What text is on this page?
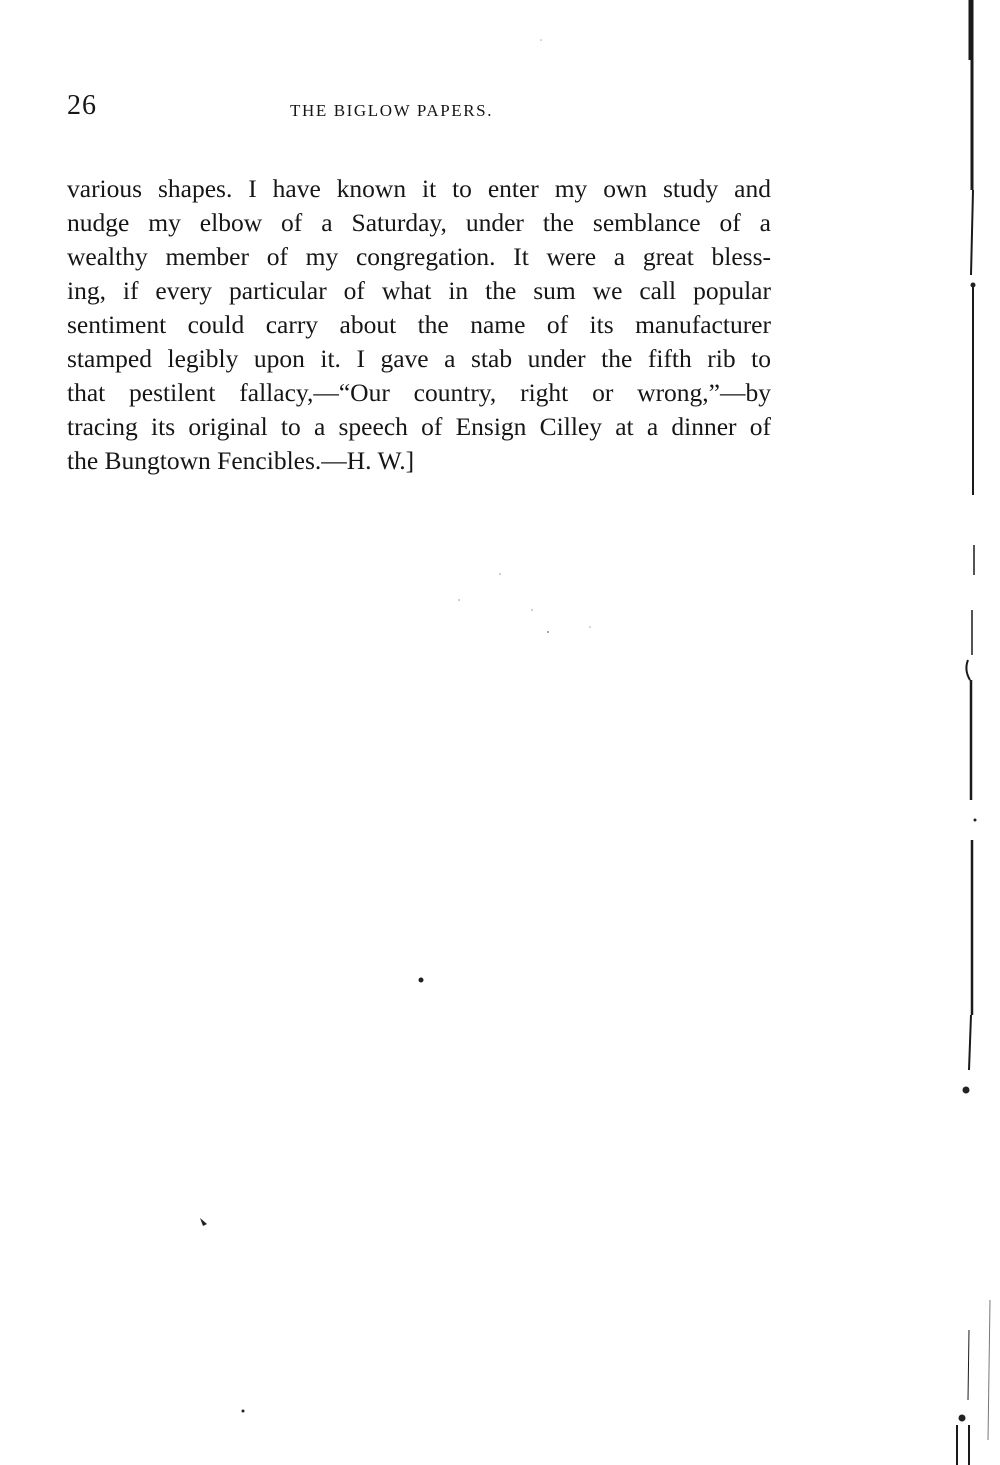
26	THE BIGLOW PAPERS.
various shapes. I have known it to enter my own study and
nudge my elbow of a Saturday, under the semblance of a
wealthy member of my congregation. It were a great bless-
ing, if every particular of what in the sum we call popular
sentiment could carry about the name of its manufacturer
stamped legibly upon it. I gave a stab under the fifth rib to
that pestilent fallacy,—“Our country, right or wrong,”—by
tracing its original to a speech of Ensign Cilley at a dinner of
the Bungtown Fencibles.—H. W.]
